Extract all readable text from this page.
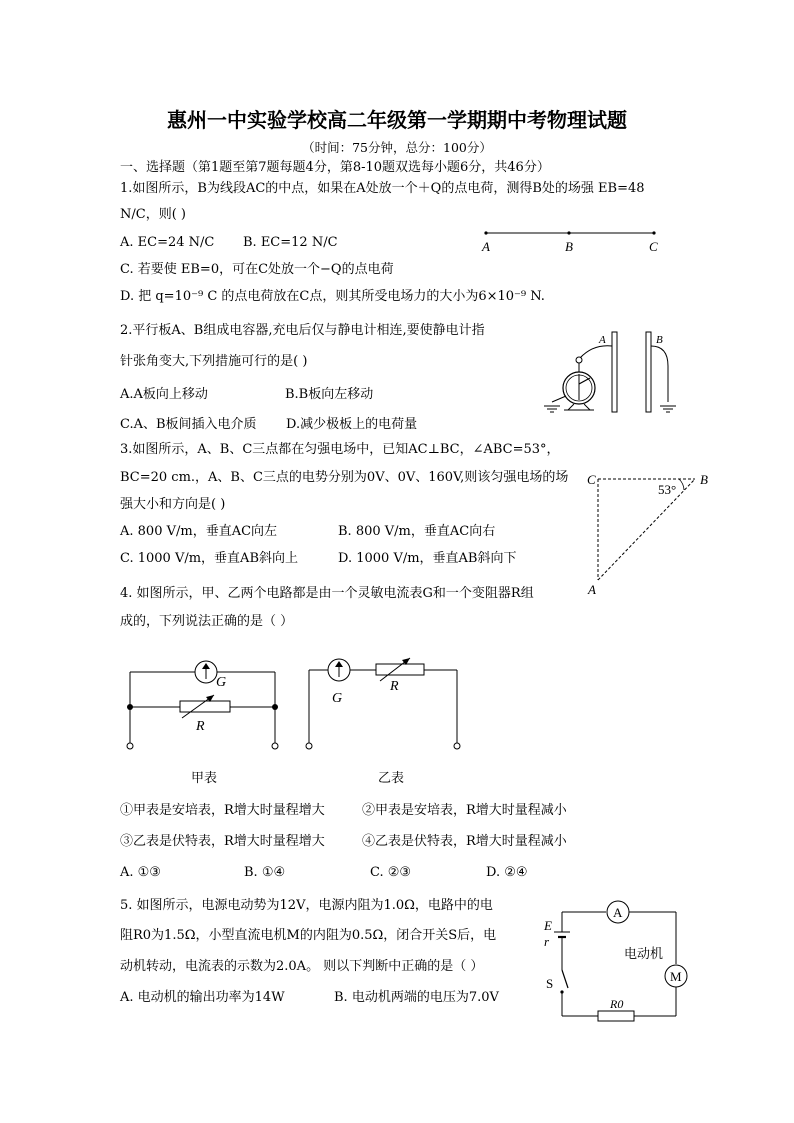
惠州一中实验学校高二年级第一学期期中考物理试题
（时间：75分钟，总分：100分）
一、选择题（第1题至第7题每题4分，第8-10题双选每小题6分，共46分）
1.如图所示，B为线段AC的中点，如果在A处放一个＋Q的点电荷，测得B处的场强 EB=48
N/C，则( )
A. EC=24 N/C B. EC=12 N/C
C. 若要使 EB=0，可在C处放一个−Q的点电荷
D. 把 q=10⁻⁹ C 的点电荷放在C点，则其所受电场力的大小为6×10⁻⁹ N.
A	B	C
2.平行板A、B组成电容器,充电后仅与静电计相连,要使静电计指
针张角变大,下列措施可行的是( )
A.A板向上移动	B.B板向左移动
C.A、B板间插入电介质 D.减少极板上的电荷量
A	B
3.如图所示，A、B、C三点都在匀强电场中，已知AC⊥BC，∠ABC=53°，
BC=20 cm.，A、B、C三点的电势分别为0V、0V、160V,则该匀强电场的场
强大小和方向是( )
A. 800 V/m，垂直AC向左	B. 800 V/m，垂直AC向右
C. 1000 V/m，垂直AB斜向上	D. 1000 V/m，垂直AB斜向下
C	B
A
53°
4. 如图所示，甲、乙两个电路都是由一个灵敏电流表G和一个变阻器R组
成的，下列说法正确的是（ ）
G
R
G
R
甲表	乙表
①甲表是安培表，R增大时量程增大	②甲表是安培表，R增大时量程减小
③乙表是伏特表，R增大时量程增大	④乙表是伏特表，R增大时量程减小
A. ①③	B. ①④	C. ②③	D. ②④
5. 如图所示，电源电动势为12V，电源内阻为1.0Ω，电路中的电
阻R0为1.5Ω，小型直流电机M的内阻为0.5Ω，闭合开关S后，电
动机转动，电流表的示数为2.0A。 则以下判断中正确的是（ ）
A. 电动机的输出功率为14W	B. 电动机两端的电压为7.0V
A
M
电动机
R0
E
r
S
